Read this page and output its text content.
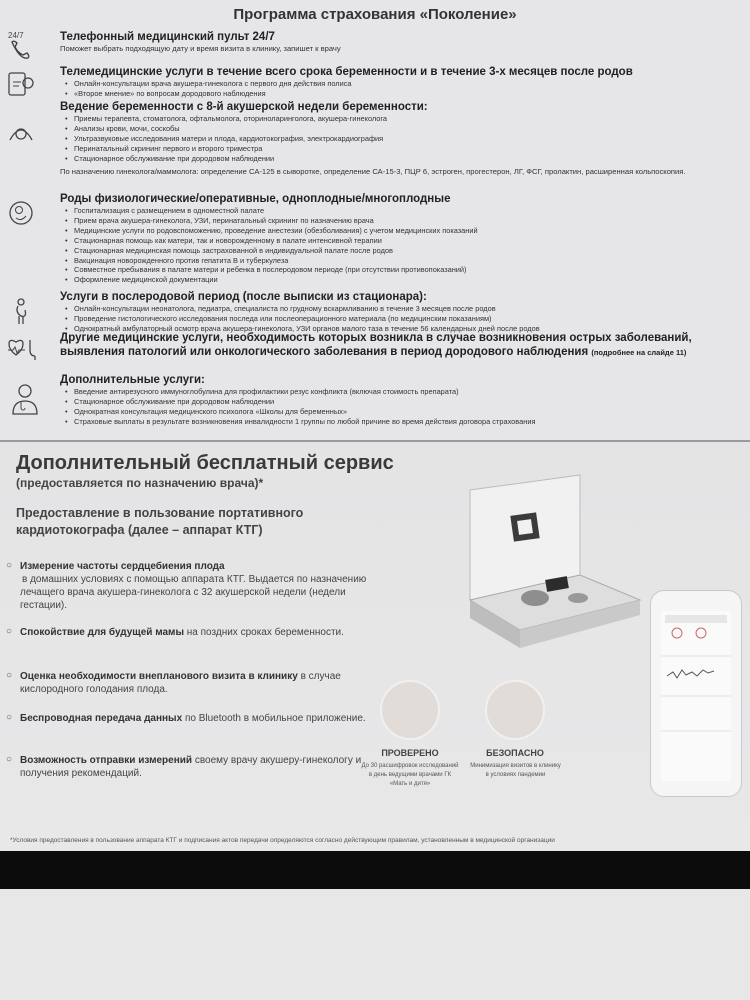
Программа страхования «Поколение»
24/7	Телефонный медицинский пульт 24/7

Поможет выбрать подходящую дату и время визита в клинику, запишет к врачу

Телемедицинские услуги в течение всего срока беременности и в течение 3-х месяцев после родов
• Онлайн-консультации врача акушера-гинеколога с первого дня действия полиса
• «Второе мнение» по вопросам дородового наблюдения
Ведение беременности с 8-й акушерской недели беременности:
• Приемы терапевта, стоматолога, офтальмолога, оториноларинголога, акушера-гинеколога
• Анализы крови, мочи, соскобы
• Ультразвуковые исследования матери и плода, кардиотокография, электрокардиография
• Перинатальный скрининг первого и второго триместра
• Стационарное обслуживание при дородовом наблюдении

По назначению гинеколога/маммолога: определение СА-125 в сыворотке, определение СА-15-3, ПЦР 6, эстроген, прогестерон, ЛГ, ФСГ, пролактин, расширенная кольпоскопия.

Роды физиологические/оперативные, одноплодные/многоплодные
• Госпитализация с размещением в одноместной палате
• Прием врача акушера-гинеколога, УЗИ, перинатальный скрининг по назначению врача
• Медицинские услуги по родовспоможению, проведение анестезии (обезболивания) с учетом медицинских показаний
• Стационарная помощь как матери, так и новорожденному в палате интенсивной терапии
• Стационарная медицинская помощь застрахованной в индивидуальной палате после родов
• Вакцинация новорожденного против гепатита В и туберкулеза
• Совместное пребывания в палате матери и ребенка в послеродовом периоде (при отсутствии противопоказаний)
• Оформление медицинской документации
Услуги в послеродовой период (после выписки из стационара):
• Онлайн-консультации неонатолога, педиатра, специалиста по грудному вскармливанию в течение 3 месяцев после родов
• Проведение гистологического исследования последа или послеоперационного материала (по медицинским показаниям)
• Однократный амбулаторный осмотр врача акушера-гинеколога, УЗИ органов малого таза в течение 56 календарных дней после родов
Другие медицинские услуги, необходимость которых возникла в случае возникновения острых заболеваний, выявления патологий или онкологического заболевания в период дородового наблюдения (подробнее на слайде 11)
Дополнительные услуги:
• Введение антирезусного иммуноглобулина для профилактики резус конфликта (включая стоимость препарата)
• Стационарное обслуживание при дородовом наблюдении
• Однократная консультация медицинского психолога «Школы для беременных»
• Страховые выплаты в результате возникновения инвалидности 1 группы по любой причине во время действия договора страхования
Дополнительный бесплатный сервис
(предоставляется по назначению врача)*
Предоставление в пользование портативного кардиотокографа (далее – аппарат КТГ)
○ Измерение частоты сердцебиения плода
в домашних условиях с помощью аппарата КТГ. Выдается по назначению лечащего врача акушера-гинеколога с 32 акушерской недели (недели гестации).
○ Спокойствие для будущей мамы на поздних сроках беременности.
○ Оценка необходимости внепланового визита в клинику в случае кислородного голодания плода.
○ Беспроводная передача данных по Bluetooth в мобильное приложение.
○ Возможность отправки измерений своему врачу акушеру-гинекологу и получения рекомендаций.
ПРОВЕРЕНО
До 30 расшифровок исследований в день ведущими врачами ГК «Мать и дитя»
БЕЗОПАСНО
Минимизация визитов в клинику в условиях пандемии
*Условия предоставления в пользование аппарата КТГ и подписания актов передачи определяются согласно действующим правилам, установленным в медицинской организации
